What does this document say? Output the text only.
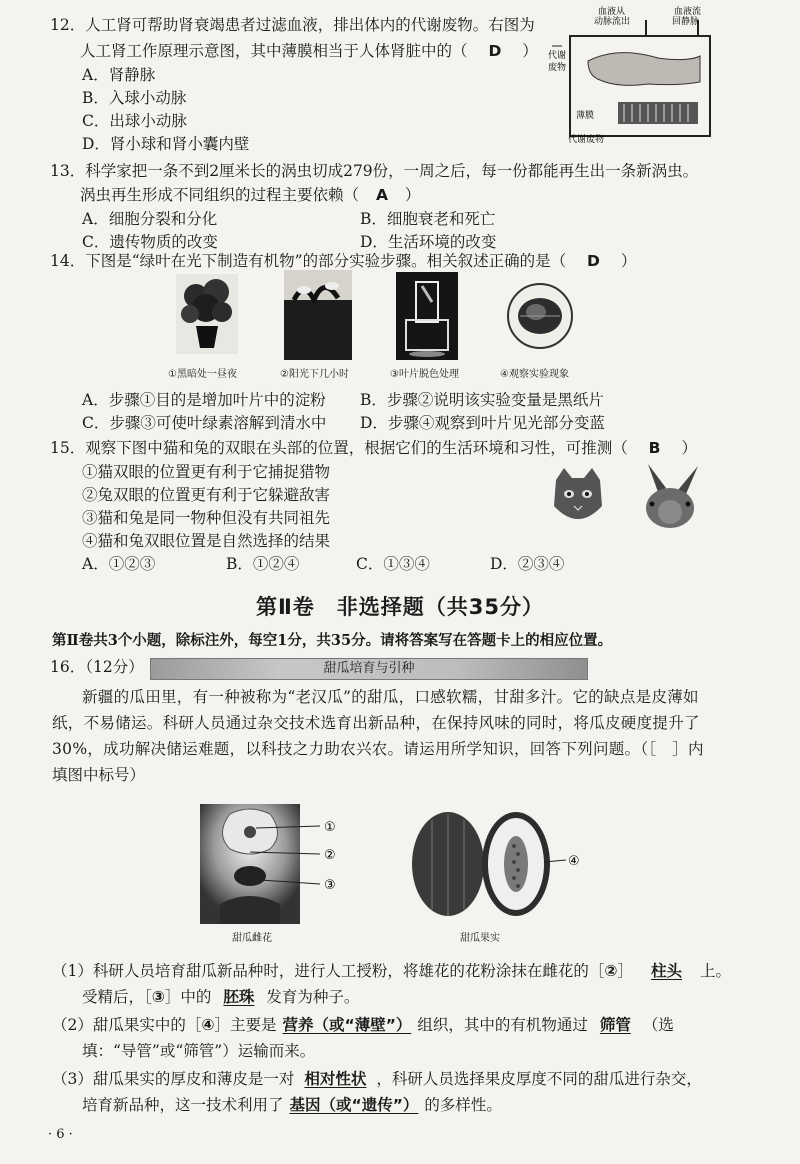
12．人工肾可帮助肾衰竭患者过滤血液，排出体内的代谢废物。右图为
人工肾工作原理示意图，其中薄膜相当于人体肾脏中的（ D ）
A．肾静脉
B．入球小动脉
C．出球小动脉
D．肾小球和肾小囊内壁
血液从
动脉流出
血液流
回静脉
代谢
废物
薄膜
代谢废物
13．科学家把一条不到2厘米长的涡虫切成279份，一周之后，每一份都能再生出一条新涡虫。
涡虫再生形成不同组织的过程主要依赖（ A ）
A．细胞分裂和分化	B．细胞衰老和死亡
C．遗传物质的改变	D．生活环境的改变
14．下图是“绿叶在光下制造有机物”的部分实验步骤。相关叙述正确的是（ D ）
①黑暗处一昼夜	②阳光下几小时	③叶片脱色处理	④观察实验现象
A．步骤①目的是增加叶片中的淀粉 B．步骤②说明该实验变量是黑纸片
C．步骤③可使叶绿素溶解到清水中 D．步骤④观察到叶片见光部分变蓝
15．观察下图中猫和兔的双眼在头部的位置，根据它们的生活环境和习性，可推测（ B ）
①猫双眼的位置更有利于它捕捉猎物
②兔双眼的位置更有利于它躲避敌害
③猫和兔是同一物种但没有共同祖先
④猫和兔双眼位置是自然选择的结果
A．①②③	B．①②④	C．①③④	D．②③④
第Ⅱ卷　非选择题（共35分）
第Ⅱ卷共3个小题，除标注外，每空1分，共35分。请将答案写在答题卡上的相应位置。
16．（12分）	甜瓜培育与引种
新疆的瓜田里，有一种被称为“老汉瓜”的甜瓜，口感软糯，甘甜多汁。它的缺点是皮薄如
纸，不易储运。科研人员通过杂交技术选育出新品种，在保持风味的同时，将瓜皮硬度提升了
30%，成功解决储运难题，以科技之力助农兴农。请运用所学知识，回答下列问题。（［　］内
填图中标号）
①
②
③
④
甜瓜雌花	甜瓜果实
（1）科研人员培育甜瓜新品种时，进行人工授粉，将雄花的花粉涂抹在雌花的［②］ 柱头 上。
受精后，［③］中的 胚珠 发育为种子。
（2）甜瓜果实中的［④］主要是 营养（或“薄壁”） 组织，其中的有机物通过 筛管 （选
填：“导管”或“筛管”）运输而来。
（3）甜瓜果实的厚皮和薄皮是一对 相对性状 ，科研人员选择果皮厚度不同的甜瓜进行杂交，
培育新品种，这一技术利用了 基因（或“遗传”） 的多样性。
· 6 ·
